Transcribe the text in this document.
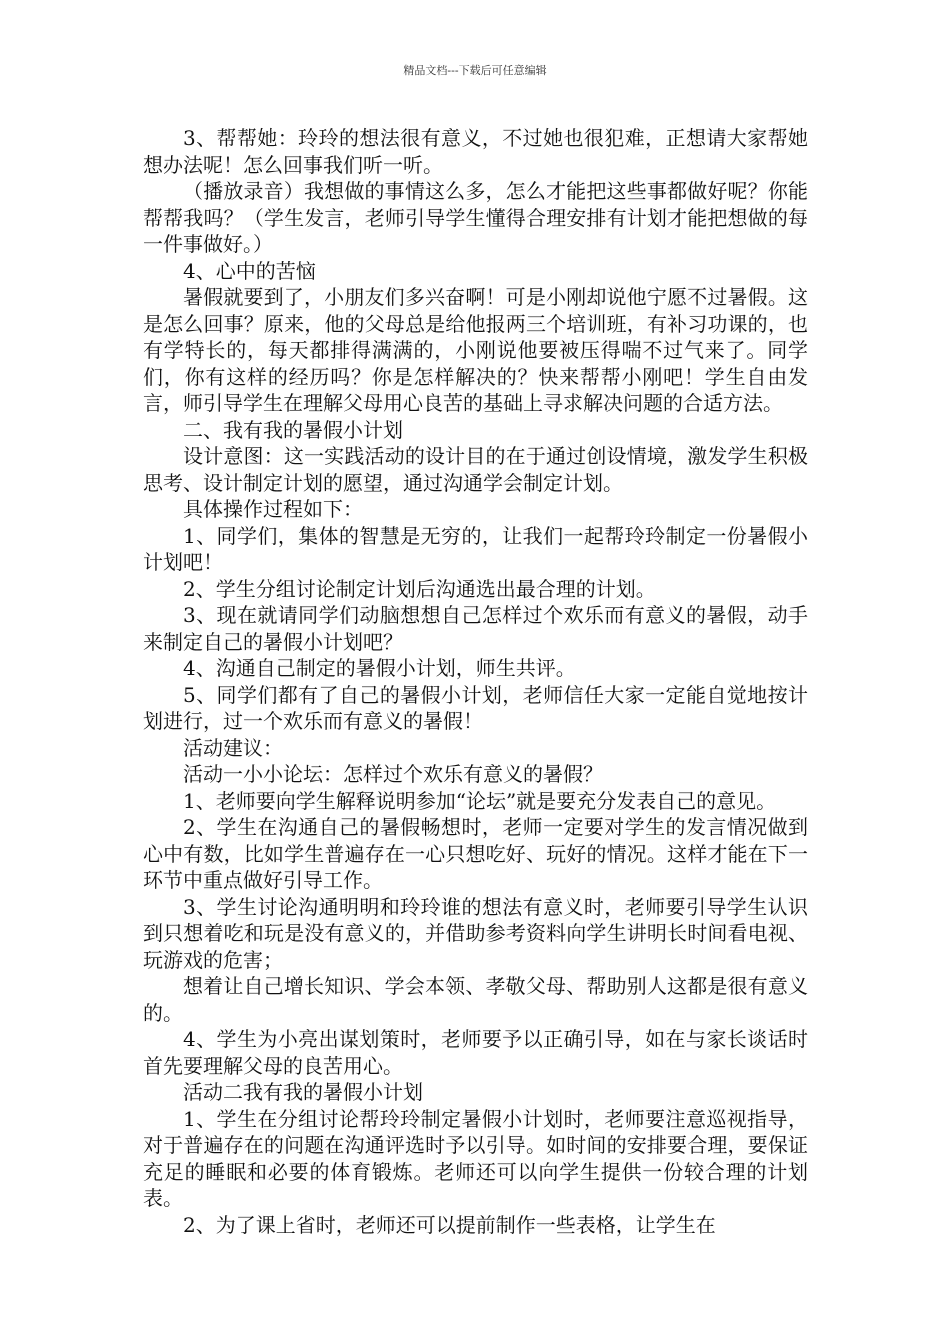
精品文档---下载后可任意编辑

3、帮帮她：玲玲的想法很有意义，不过她也很犯难，正想请大家帮她想办法呢！怎么回事我们听一听。

（播放录音）我想做的事情这么多，怎么才能把这些事都做好呢？你能帮帮我吗？（学生发言，老师引导学生懂得合理安排有计划才能把想做的每一件事做好。）

4、心中的苦恼

暑假就要到了，小朋友们多兴奋啊！可是小刚却说他宁愿不过暑假。这是怎么回事？原来，他的父母总是给他报两三个培训班，有补习功课的，也有学特长的，每天都排得满满的，小刚说他要被压得喘不过气来了。同学们，你有这样的经历吗？你是怎样解决的？快来帮帮小刚吧！学生自由发言，师引导学生在理解父母用心良苦的基础上寻求解决问题的合适方法。

二、我有我的暑假小计划

设计意图：这一实践活动的设计目的在于通过创设情境，激发学生积极思考、设计制定计划的愿望，通过沟通学会制定计划。

具体操作过程如下：

1、同学们，集体的智慧是无穷的，让我们一起帮玲玲制定一份暑假小计划吧！

2、学生分组讨论制定计划后沟通选出最合理的计划。

3、现在就请同学们动脑想想自己怎样过个欢乐而有意义的暑假，动手来制定自己的暑假小计划吧？

4、沟通自己制定的暑假小计划，师生共评。

5、同学们都有了自己的暑假小计划，老师信任大家一定能自觉地按计划进行，过一个欢乐而有意义的暑假！

活动建议：

活动一小小论坛：怎样过个欢乐有意义的暑假？

1、老师要向学生解释说明参加“论坛”就是要充分发表自己的意见。

2、学生在沟通自己的暑假畅想时，老师一定要对学生的发言情况做到心中有数，比如学生普遍存在一心只想吃好、玩好的情况。这样才能在下一环节中重点做好引导工作。

3、学生讨论沟通明明和玲玲谁的想法有意义时，老师要引导学生认识到只想着吃和玩是没有意义的，并借助参考资料向学生讲明长时间看电视、玩游戏的危害；

想着让自己增长知识、学会本领、孝敬父母、帮助别人这都是很有意义的。

4、学生为小亮出谋划策时，老师要予以正确引导，如在与家长谈话时首先要理解父母的良苦用心。

活动二我有我的暑假小计划

1、学生在分组讨论帮玲玲制定暑假小计划时，老师要注意巡视指导，对于普遍存在的问题在沟通评选时予以引导。如时间的安排要合理，要保证充足的睡眠和必要的体育锻炼。老师还可以向学生提供一份较合理的计划表。

2、为了课上省时，老师还可以提前制作一些表格，让学生在
